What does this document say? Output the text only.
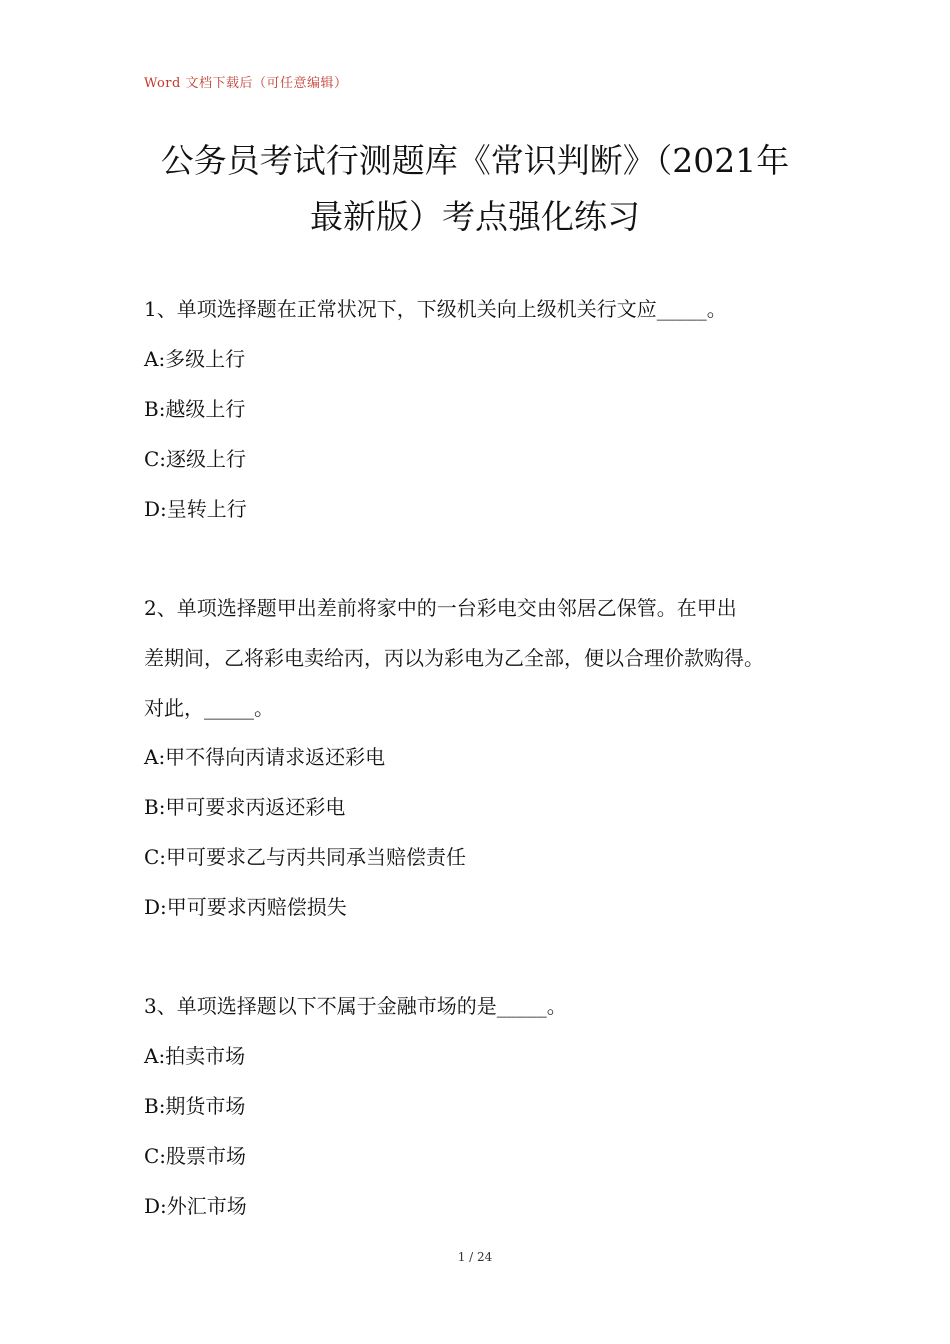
Word 文档下载后（可任意编辑）
公务员考试行测题库《常识判断》（2021年
最新版）考点强化练习
1、单项选择题在正常状况下，下级机关向上级机关行文应_____。
A:多级上行
B:越级上行
C:逐级上行
D:呈转上行
2、单项选择题甲出差前将家中的一台彩电交由邻居乙保管。在甲出
差期间，乙将彩电卖给丙，丙以为彩电为乙全部，便以合理价款购得。
对此，_____。
A:甲不得向丙请求返还彩电
B:甲可要求丙返还彩电
C:甲可要求乙与丙共同承当赔偿责任
D:甲可要求丙赔偿损失
3、单项选择题以下不属于金融市场的是_____。
A:拍卖市场
B:期货市场
C:股票市场
D:外汇市场
1 / 24
